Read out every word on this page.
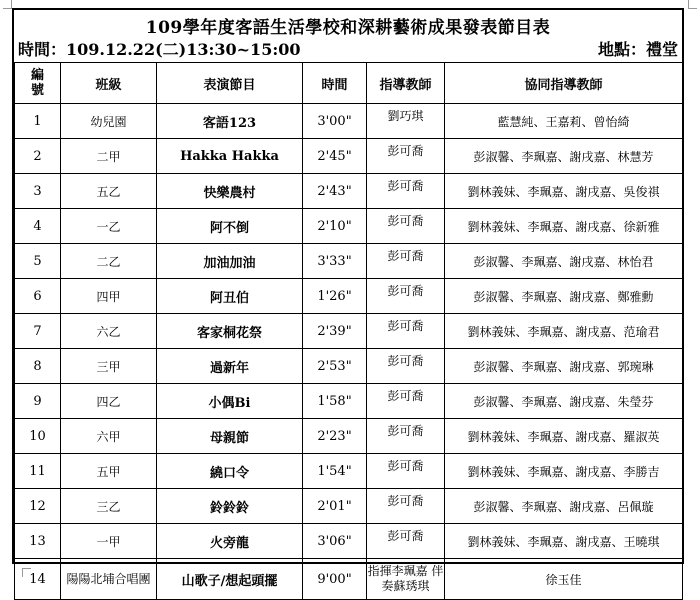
109學年度客語生活學校和深耕藝術成果發表節目表
時間：109.12.22(二)13:30~15:00	地點：禮堂
編號	班級	表演節目	時間	指導教師	協同指導教師
1	幼兒園	客語123	3'00"	劉巧琪	藍慧純、王嘉莉、曾怡綺
2	二甲	Hakka Hakka	2'45"	彭可喬	彭淑馨、李珮嘉、謝戌嘉、林慧芳
3	五乙	快樂農村	2'43"	彭可喬	劉林義妹、李珮嘉、謝戌嘉、吳俊祺
4	一乙	阿不倒	2'10"	彭可喬	劉林義妹、李珮嘉、謝戌嘉、徐新雅
5	二乙	加油加油	3'33"	彭可喬	彭淑馨、李珮嘉、謝戌嘉、林怡君
6	四甲	阿丑伯	1'26"	彭可喬	彭淑馨、李珮嘉、謝戌嘉、鄭雅勳
7	六乙	客家桐花祭	2'39"	彭可喬	劉林義妹、李珮嘉、謝戌嘉、范瑜君
8	三甲	過新年	2'53"	彭可喬	彭淑馨、李珮嘉、謝戌嘉、郭琬琳
9	四乙	小偶Bi	1'58"	彭可喬	彭淑馨、李珮嘉、謝戌嘉、朱瑩芬
10	六甲	母親節	2'23"	彭可喬	劉林義妹、李珮嘉、謝戌嘉、羅淑英
11	五甲	繞口令	1'54"	彭可喬	劉林義妹、李珮嘉、謝戌嘉、李勝吉
12	三乙	鈴鈴鈴	2'01"	彭可喬	彭淑馨、李珮嘉、謝戌嘉、呂佩璇
13	一甲	火旁龍	3'06"	彭可喬	劉林義妹、李珮嘉、謝戌嘉、王曉琪
14	陽陽北埔合唱團	山歌子/想起頭擺	9'00"	指揮李珮嘉 伴奏蘇琇琪	徐玉佳
